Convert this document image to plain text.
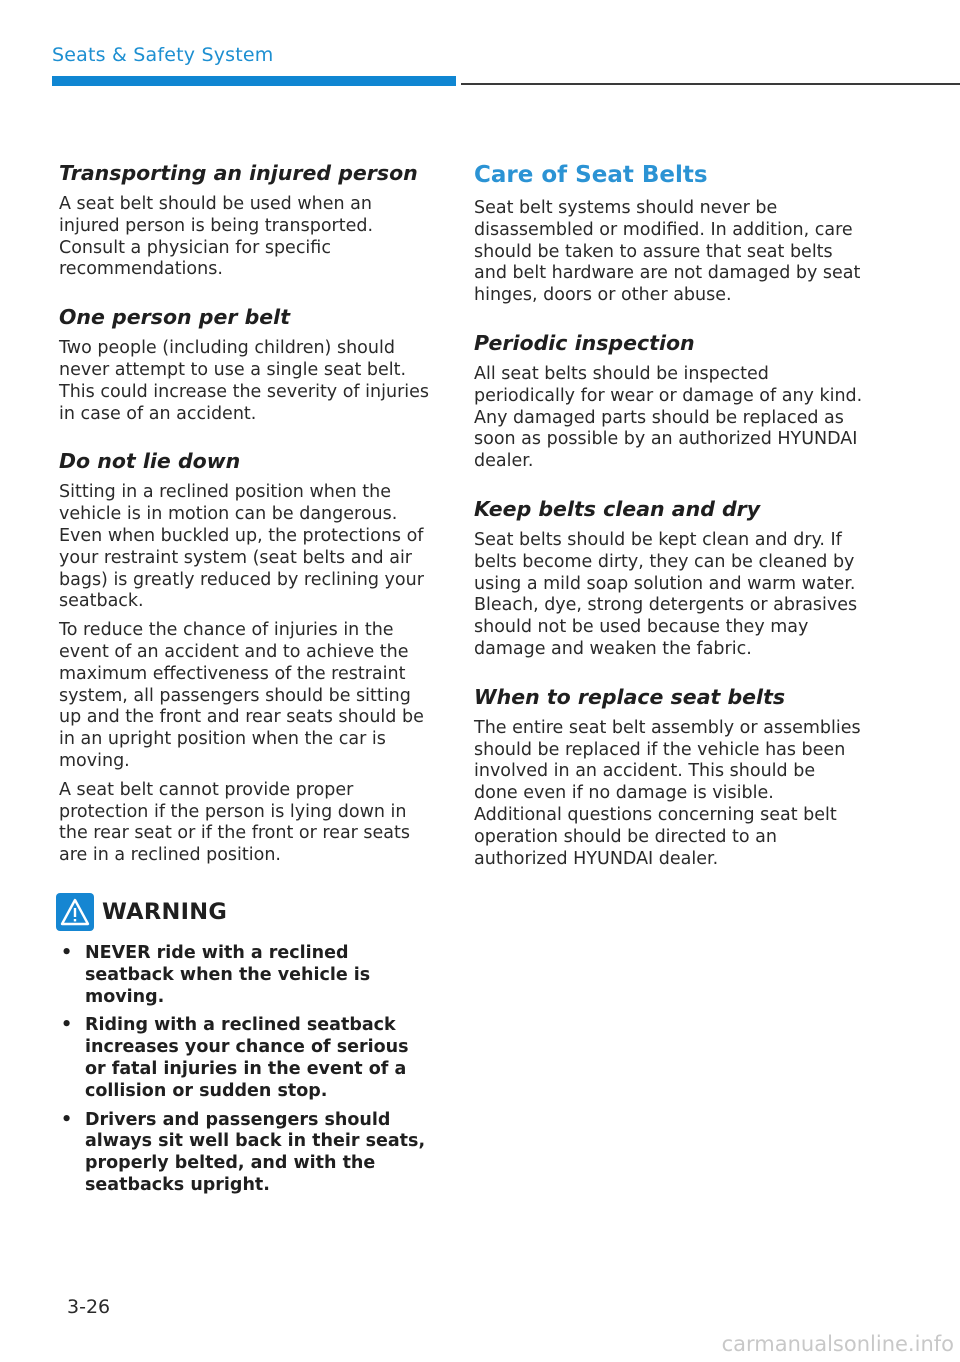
Seats & Safety System
Transporting an injured person

A seat belt should be used when an injured person is being transported. Consult a physician for specific recommendations.

One person per belt

Two people (including children) should never attempt to use a single seat belt. This could increase the severity of injuries in case of an accident.

Do not lie down

Sitting in a reclined position when the vehicle is in motion can be dangerous. Even when buckled up, the protections of your restraint system (seat belts and air bags) is greatly reduced by reclining your seatback.

To reduce the chance of injuries in the event of an accident and to achieve the maximum effectiveness of the restraint system, all passengers should be sitting up and the front and rear seats should be in an upright position when the car is moving.

A seat belt cannot provide proper protection if the person is lying down in the rear seat or if the front or rear seats are in a reclined position.

WARNING
• NEVER ride with a reclined seatback when the vehicle is moving.
• Riding with a reclined seatback increases your chance of serious or fatal injuries in the event of a collision or sudden stop.
• Drivers and passengers should always sit well back in their seats, properly belted, and with the seatbacks upright.
Care of Seat Belts

Seat belt systems should never be disassembled or modified. In addition, care should be taken to assure that seat belts and belt hardware are not damaged by seat hinges, doors or other abuse.

Periodic inspection

All seat belts should be inspected periodically for wear or damage of any kind. Any damaged parts should be replaced as soon as possible by an authorized HYUNDAI dealer.

Keep belts clean and dry

Seat belts should be kept clean and dry. If belts become dirty, they can be cleaned by using a mild soap solution and warm water. Bleach, dye, strong detergents or abrasives should not be used because they may damage and weaken the fabric.

When to replace seat belts

The entire seat belt assembly or assemblies should be replaced if the vehicle has been involved in an accident. This should be done even if no damage is visible. Additional questions concerning seat belt operation should be directed to an authorized HYUNDAI dealer.

3-26
carmanualsonline.info
